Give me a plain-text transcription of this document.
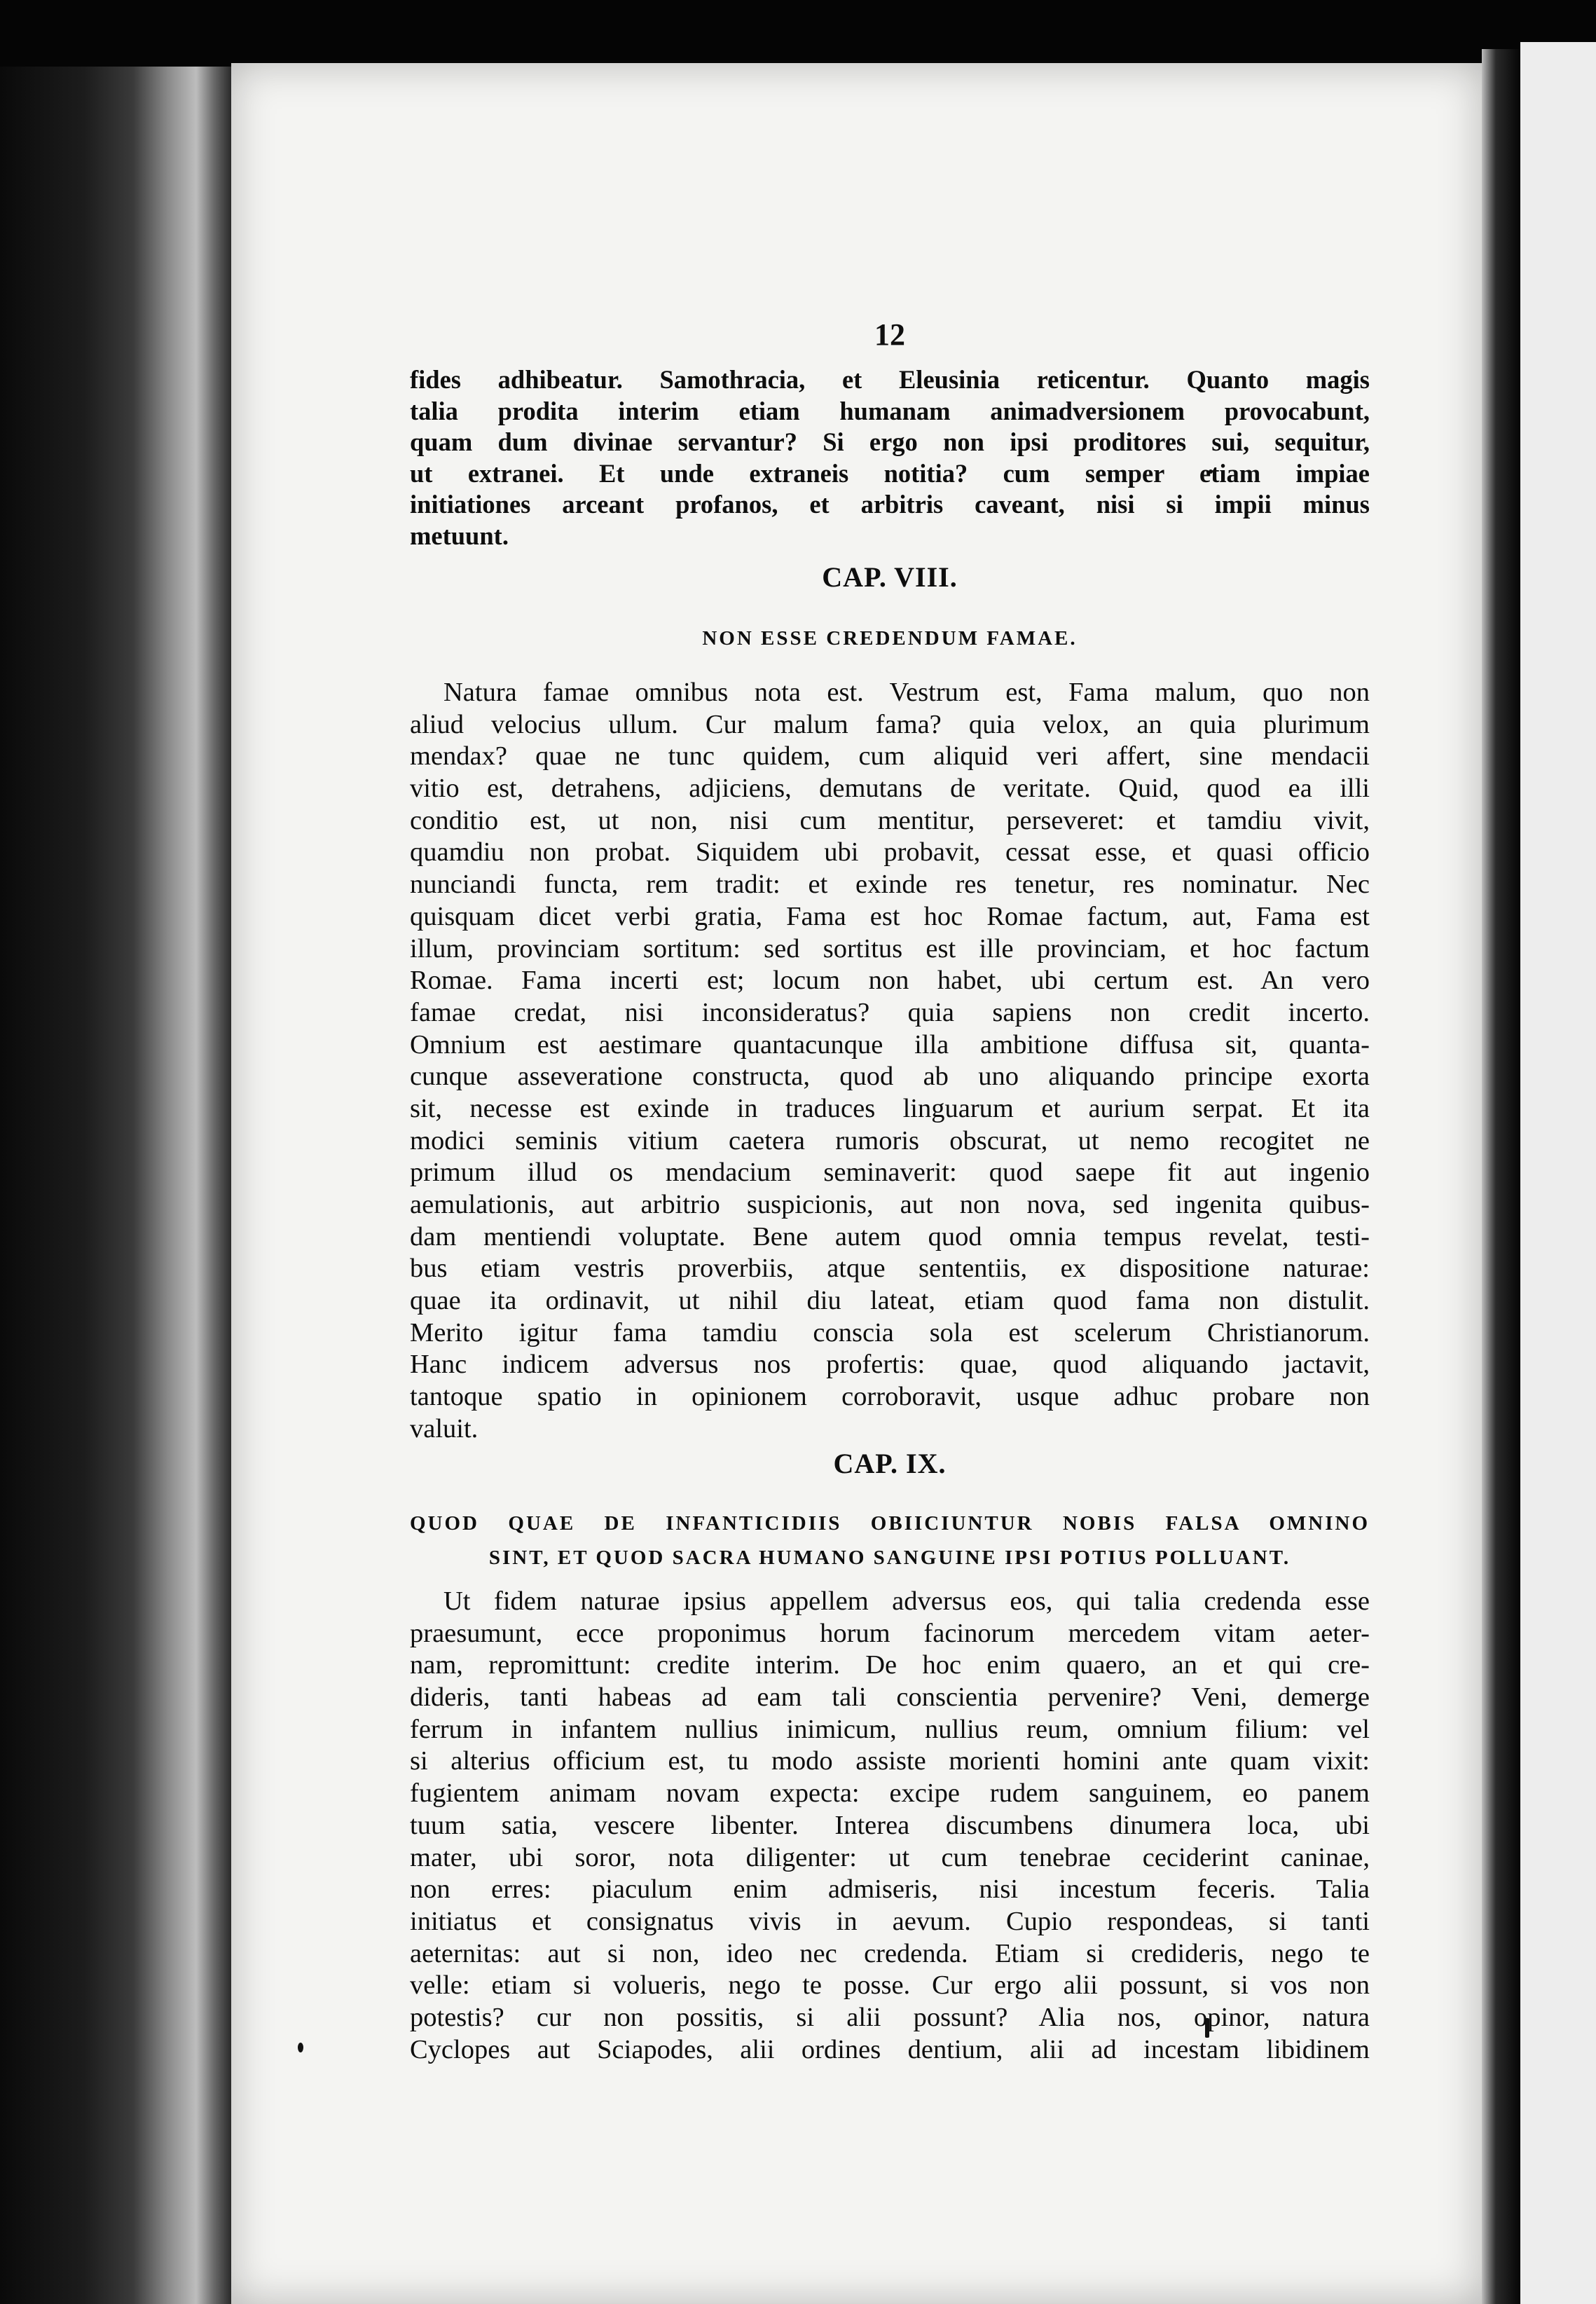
12

fides adhibeatur. Samothracia, et Eleusinia reticentur. Quanto magis
talia prodita interim etiam humanam animadversionem provocabunt,
quam dum divinae servantur? Si ergo non ipsi proditores sui, sequitur,
ut extranei. Et unde extraneis notitia? cum semper etiam impiae
initiationes arceant profanos, et arbitris caveant, nisi si impii minus
metuunt.
CAP. VIII.
NON ESSE CREDENDUM FAMAE.
Natura famae omnibus nota est. Vestrum est, Fama malum, quo non
aliud velocius ullum. Cur malum fama? quia velox, an quia plurimum
mendax? quae ne tunc quidem, cum aliquid veri affert, sine mendacii
vitio est, detrahens, adjiciens, demutans de veritate. Quid, quod ea illi
conditio est, ut non, nisi cum mentitur, perseveret: et tamdiu vivit,
quamdiu non probat. Siquidem ubi probavit, cessat esse, et quasi officio
nunciandi functa, rem tradit: et exinde res tenetur, res nominatur. Nec
quisquam dicet verbi gratia, Fama est hoc Romae factum, aut, Fama est
illum, provinciam sortitum: sed sortitus est ille provinciam, et hoc factum
Romae. Fama incerti est; locum non habet, ubi certum est. An vero
famae credat, nisi inconsideratus? quia sapiens non credit incerto.
Omnium est aestimare quantacunque illa ambitione diffusa sit, quanta-
cunque asseveratione constructa, quod ab uno aliquando principe exorta
sit, necesse est exinde in traduces linguarum et aurium serpat. Et ita
modici seminis vitium caetera rumoris obscurat, ut nemo recogitet ne
primum illud os mendacium seminaverit: quod saepe fit aut ingenio
aemulationis, aut arbitrio suspicionis, aut non nova, sed ingenita quibus-
dam mentiendi voluptate. Bene autem quod omnia tempus revelat, testi-
bus etiam vestris proverbiis, atque sententiis, ex dispositione naturae:
quae ita ordinavit, ut nihil diu lateat, etiam quod fama non distulit.
Merito igitur fama tamdiu conscia sola est scelerum Christianorum.
Hanc indicem adversus nos profertis: quae, quod aliquando jactavit,
tantoque spatio in opinionem corroboravit, usque adhuc probare non
valuit.
CAP. IX.
QUOD QUAE DE INFANTICIDIIS OBIICIUNTUR NOBIS FALSA OMNINO
SINT, ET QUOD SACRA HUMANO SANGUINE IPSI POTIUS POLLUANT.
Ut fidem naturae ipsius appellem adversus eos, qui talia credenda esse
praesumunt, ecce proponimus horum facinorum mercedem vitam aeter-
nam, repromittunt: credite interim. De hoc enim quaero, an et qui cre-
dideris, tanti habeas ad eam tali conscientia pervenire? Veni, demerge
ferrum in infantem nullius inimicum, nullius reum, omnium filium: vel
si alterius officium est, tu modo assiste morienti homini ante quam vixit:
fugientem animam novam expecta: excipe rudem sanguinem, eo panem
tuum satia, vescere libenter. Interea discumbens dinumera loca, ubi
mater, ubi soror, nota diligenter: ut cum tenebrae ceciderint caninae,
non erres: piaculum enim admiseris, nisi incestum feceris. Talia
initiatus et consignatus vivis in aevum. Cupio respondeas, si tanti
aeternitas: aut si non, ideo nec credenda. Etiam si credideris, nego te
velle: etiam si volueris, nego te posse. Cur ergo alii possunt, si vos non
potestis? cur non possitis, si alii possunt? Alia nos, opinor, natura
Cyclopes aut Sciapodes, alii ordines dentium, alii ad incestam libidinem
